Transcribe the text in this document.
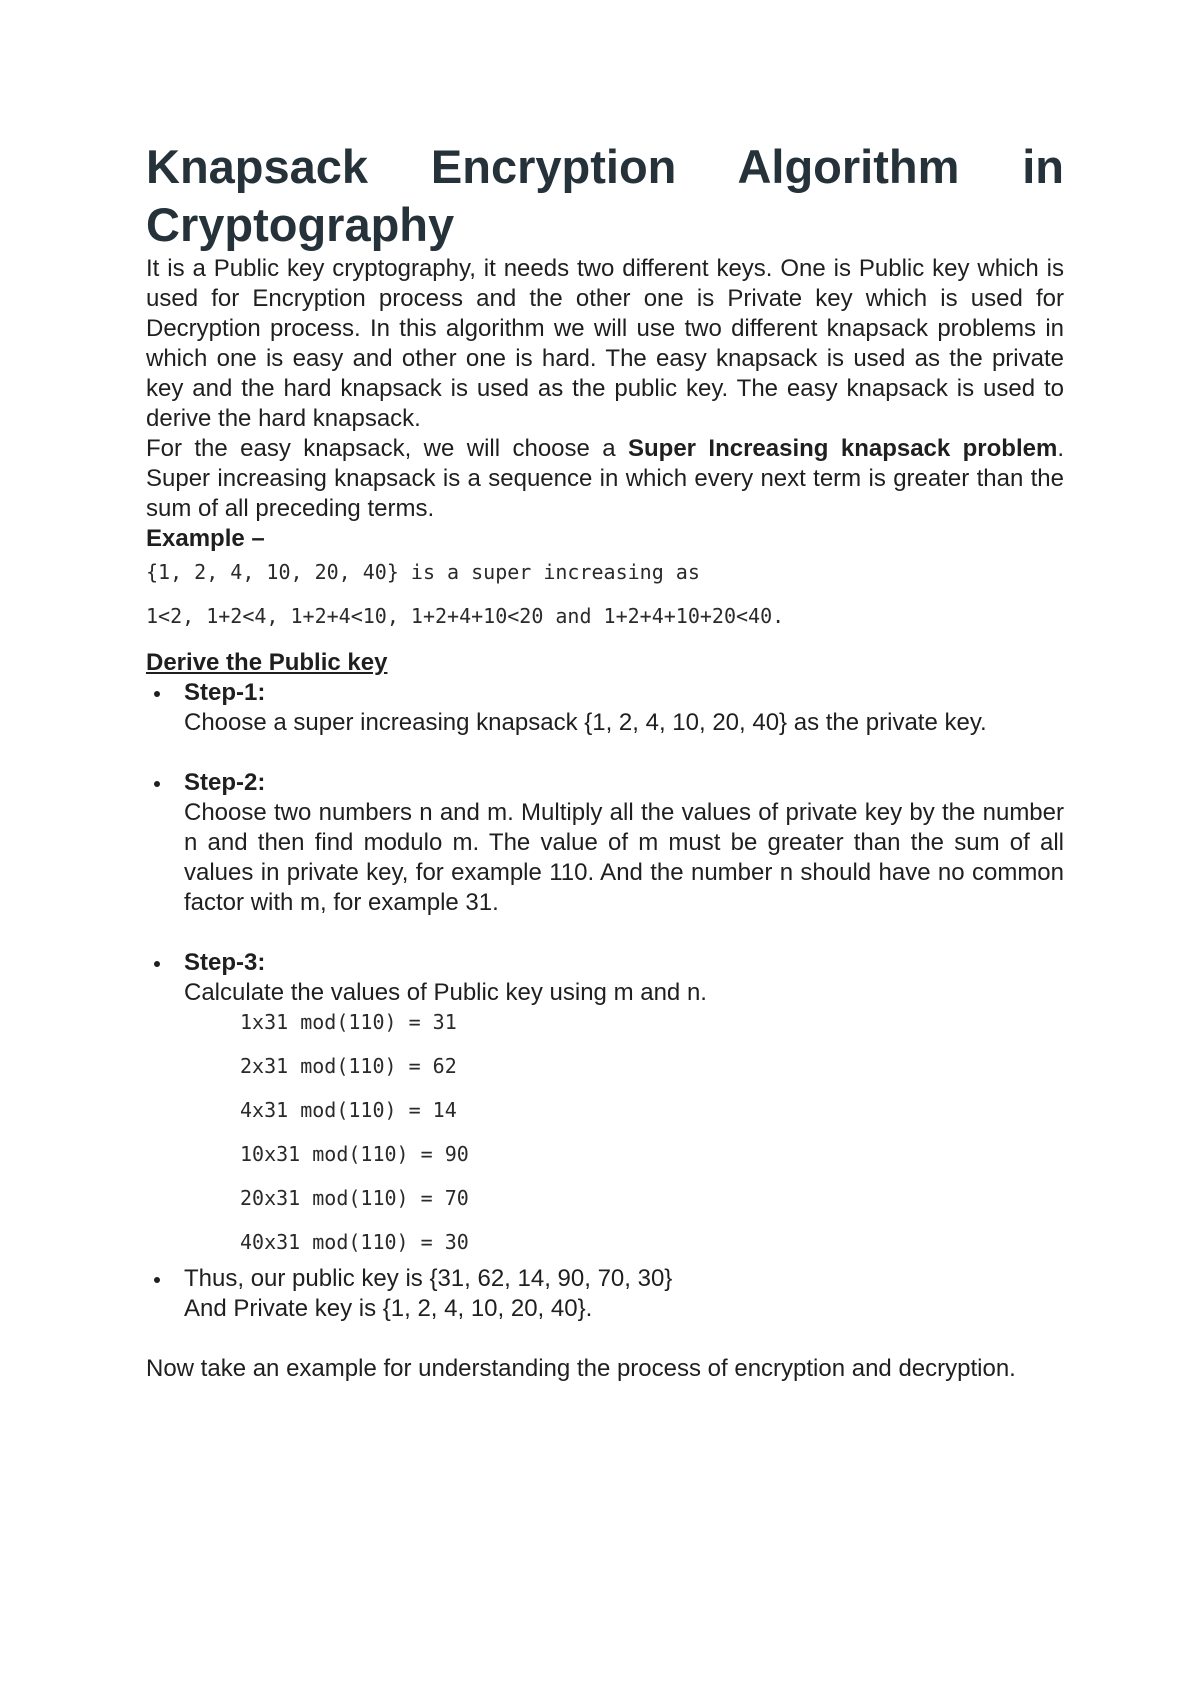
Knapsack Encryption Algorithm in
Cryptography

It is a Public key cryptography, it needs two different keys. One is Public key which is used for Encryption process and the other one is Private key which is used for Decryption process. In this algorithm we will use two different knapsack problems in which one is easy and other one is hard. The easy knapsack is used as the private key and the hard knapsack is used as the public key. The easy knapsack is used to derive the hard knapsack.

For the easy knapsack, we will choose a Super Increasing knapsack problem. Super increasing knapsack is a sequence in which every next term is greater than the sum of all preceding terms.

Example –

{1, 2, 4, 10, 20, 40} is a super increasing as
1<2, 1+2<4, 1+2+4<10, 1+2+4+10<20 and 1+2+4+10+20<40.

Derive the Public key

Step-1:

Choose a super increasing knapsack {1, 2, 4, 10, 20, 40} as the private key.

Step-2:

Choose two numbers n and m. Multiply all the values of private key by the number n and then find modulo m. The value of m must be greater than the sum of all values in private key, for example 110. And the number n should have no common factor with m, for example 31.

Step-3:

Calculate the values of Public key using m and n.

1x31 mod(110) = 31
2x31 mod(110) = 62
4x31 mod(110) = 14
10x31 mod(110) = 90
20x31 mod(110) = 70
40x31 mod(110) = 30
Thus, our public key is {31, 62, 14, 90, 70, 30}
And Private key is {1, 2, 4, 10, 20, 40}.

Now take an example for understanding the process of encryption and decryption.
